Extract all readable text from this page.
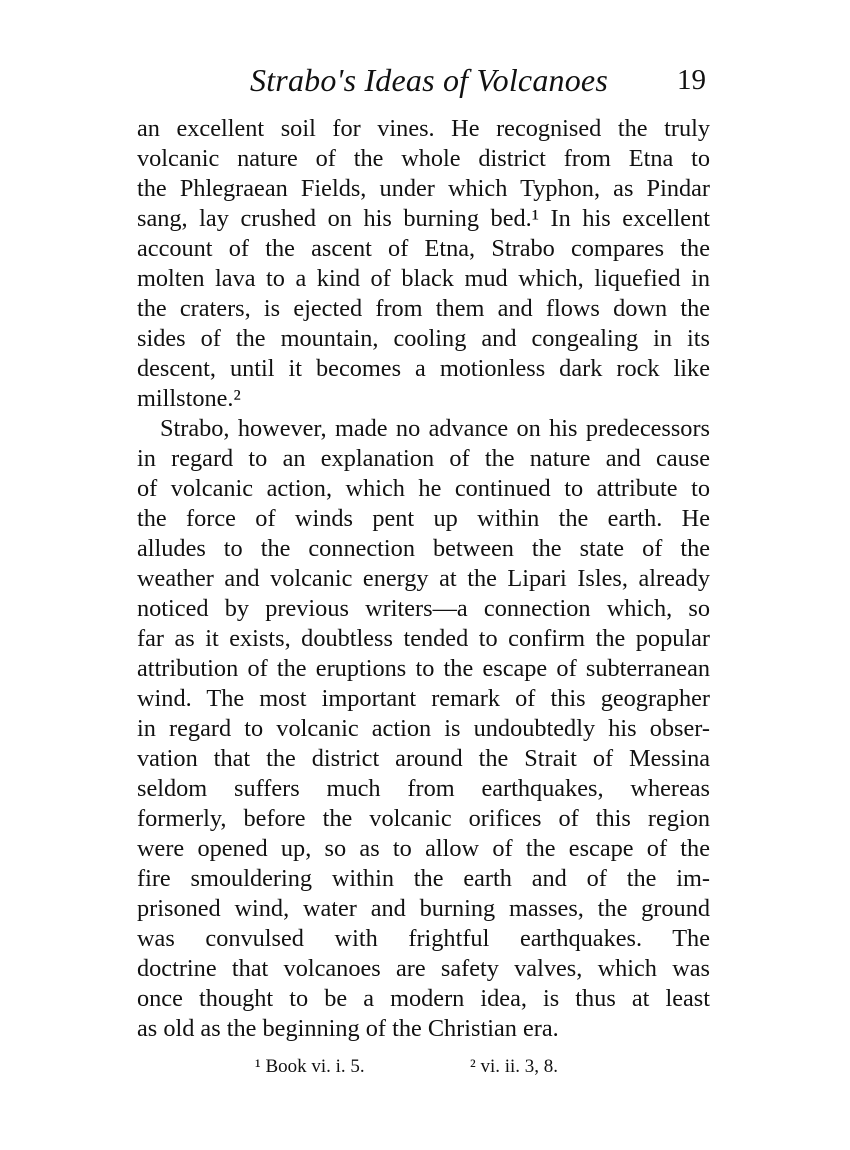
Strabo's Ideas of Volcanoes 19
an excellent soil for vines. He recognised the truly
volcanic nature of the whole district from Etna to
the Phlegraean Fields, under which Typhon, as Pindar
sang, lay crushed on his burning bed.¹ In his excellent
account of the ascent of Etna, Strabo compares the
molten lava to a kind of black mud which, liquefied in
the craters, is ejected from them and flows down the
sides of the mountain, cooling and congealing in its
descent, until it becomes a motionless dark rock like
millstone.²
Strabo, however, made no advance on his predecessors
in regard to an explanation of the nature and cause
of volcanic action, which he continued to attribute to
the force of winds pent up within the earth. He
alludes to the connection between the state of the
weather and volcanic energy at the Lipari Isles, already
noticed by previous writers—a connection which, so
far as it exists, doubtless tended to confirm the popular
attribution of the eruptions to the escape of subterranean
wind. The most important remark of this geographer
in regard to volcanic action is undoubtedly his obser-
vation that the district around the Strait of Messina
seldom suffers much from earthquakes, whereas
formerly, before the volcanic orifices of this region
were opened up, so as to allow of the escape of the
fire smouldering within the earth and of the im-
prisoned wind, water and burning masses, the ground
was convulsed with frightful earthquakes. The
doctrine that volcanoes are safety valves, which was
once thought to be a modern idea, is thus at least
as old as the beginning of the Christian era.
¹ Book vi. i. 5.	² vi. ii. 3, 8.
